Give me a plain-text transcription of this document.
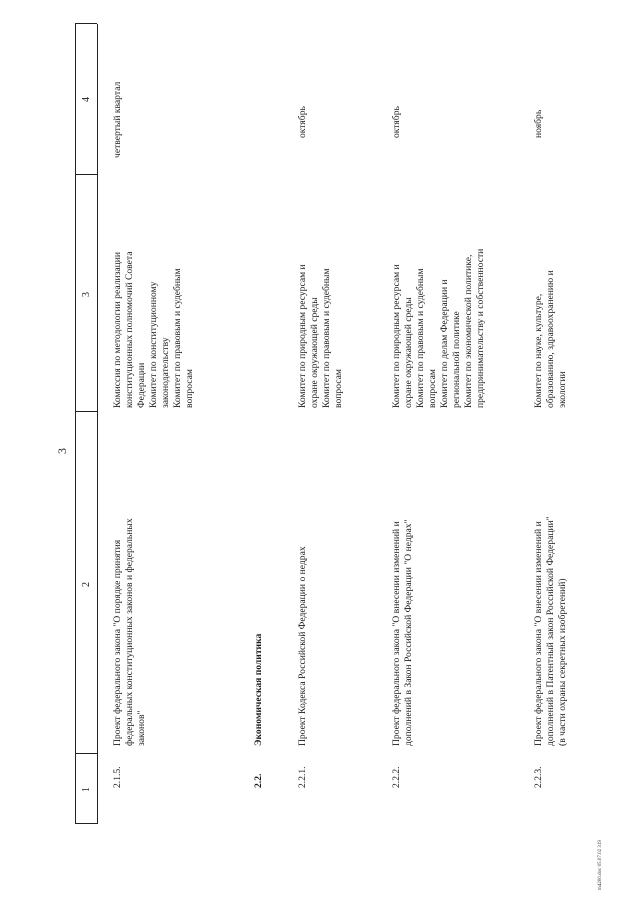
3
1
2
3
4
2.1.5.
Проект федерального закона "О порядке принятия федеральных конституционных законов и федеральных законов"
Комиссия по методологии реализации конституционных полномочий Совета Федерации Комитет по конституционному законодательству Комитет по правовым и судебным вопросам
четвертый квартал
2.2.
Экономическая политика
2.2.1.
Проект Кодекса Российской Федерации о недрах
Комитет по природным ресурсам и охране окружающей среды Комитет по правовым и судебным вопросам
октябрь
2.2.2.
Проект федерального закона "О внесении изменений и дополнений в Закон Российской Федерации "О недрах"
Комитет по природным ресурсам и охране окружающей среды Комитет по правовым и судебным вопросам Комитет по делам Федерации и региональной политике Комитет по экономической политике, предпринимательству и собственности
октябрь
2.2.3.
Проект федерального закона "О внесении изменений и дополнений в Патентный закон Российской Федерации" (в части охраны секретных изобретений)
Комитет по науке, культуре, образованию, здравоохранению и экологии
ноябрь
m4200.doc 05.07.02 319
